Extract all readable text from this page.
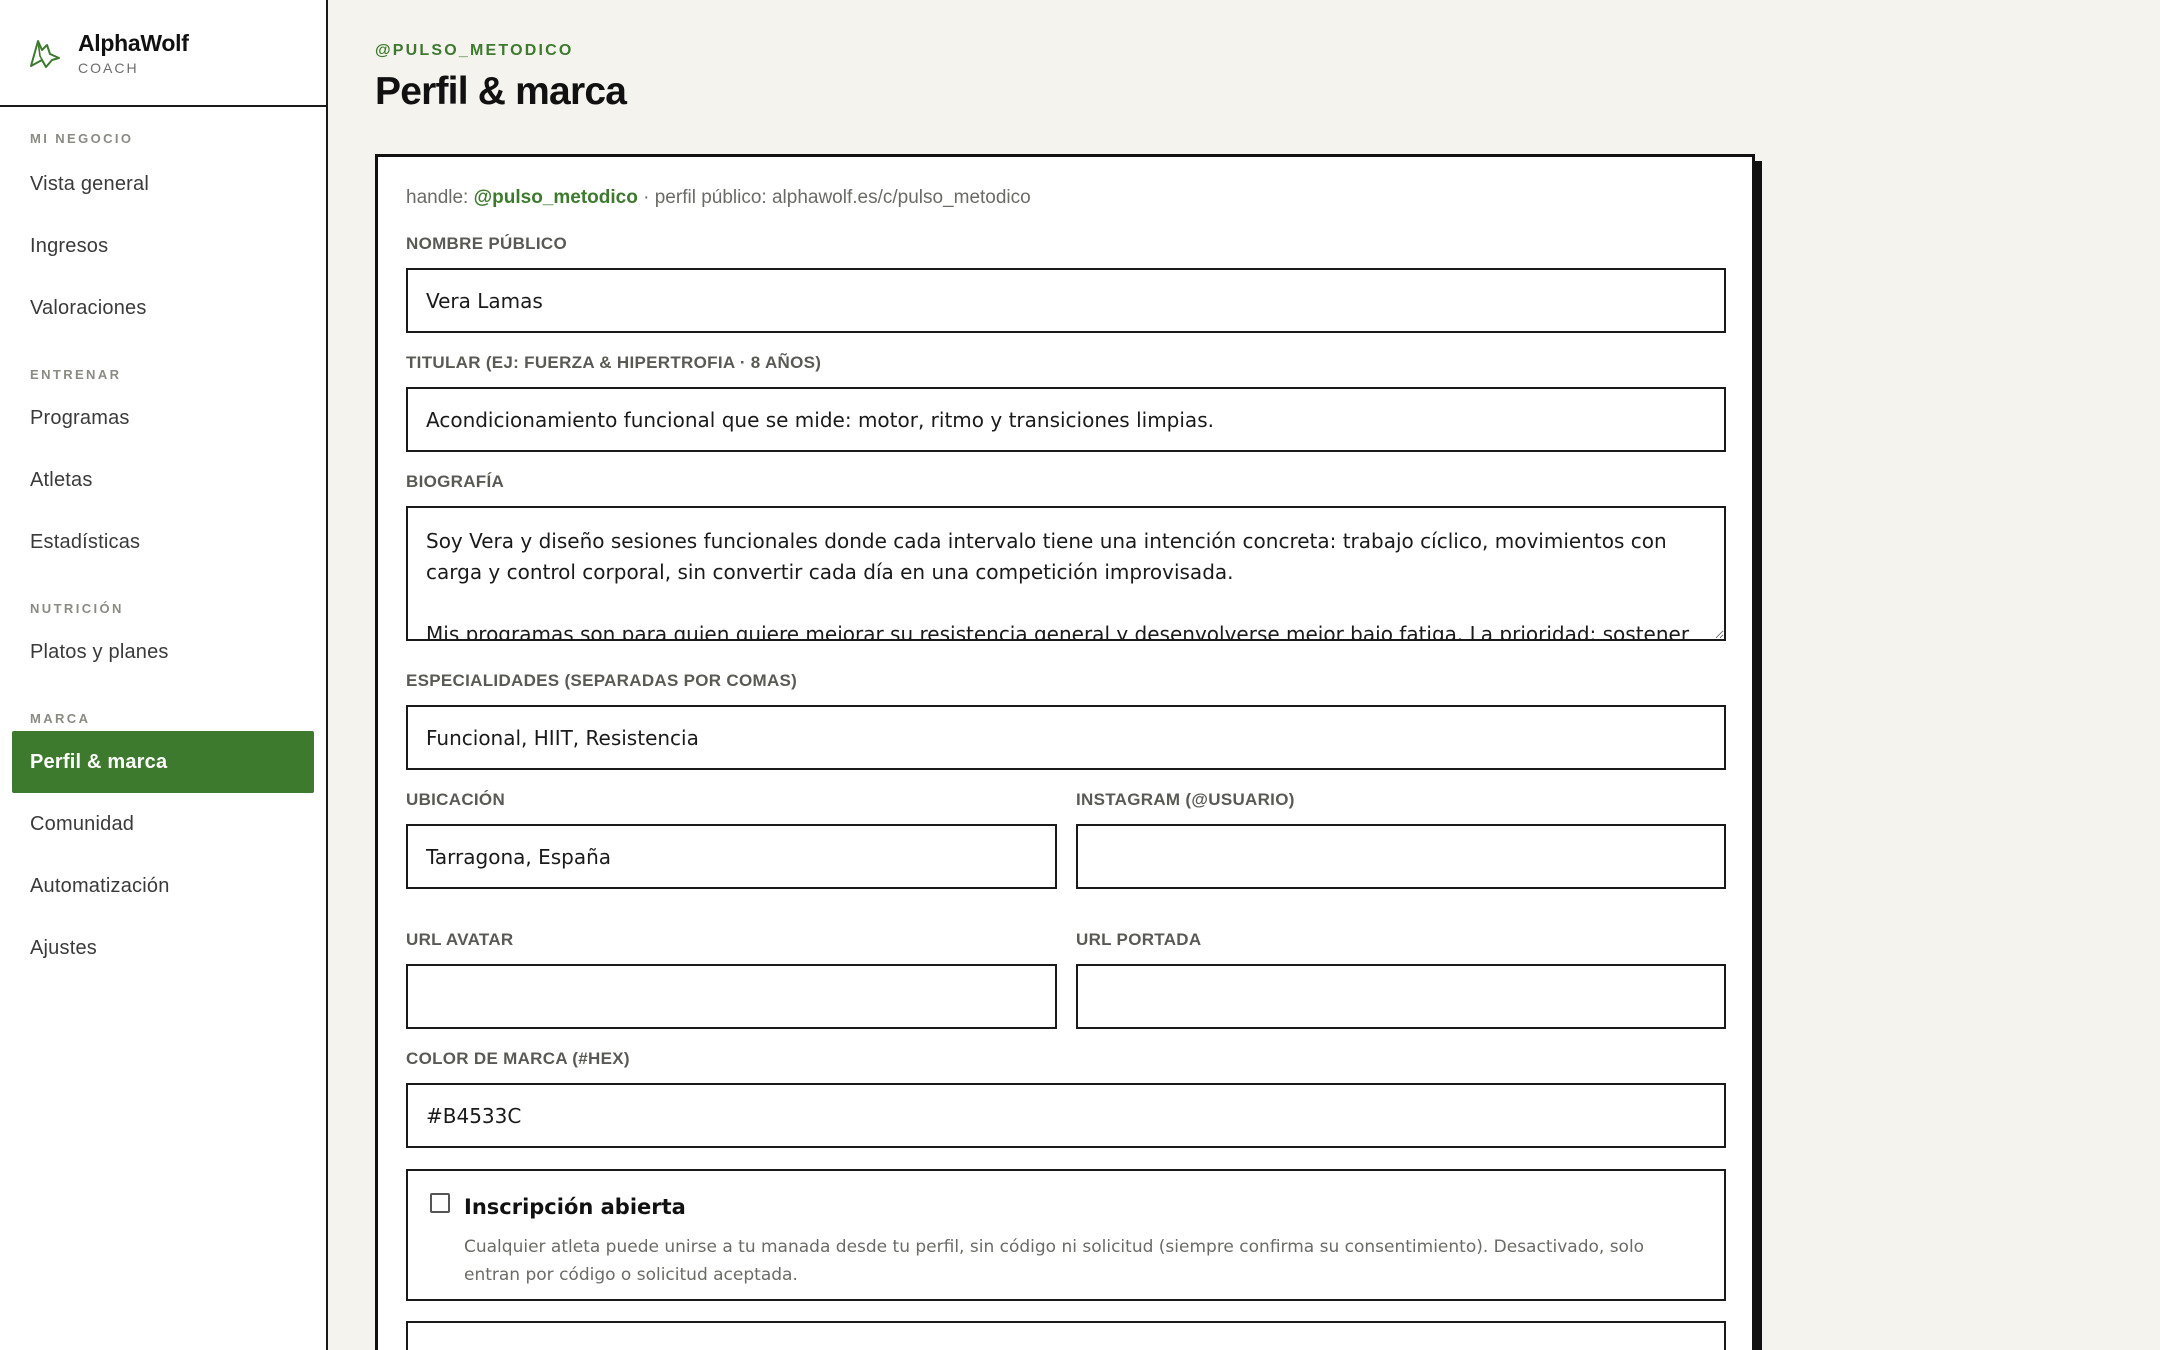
AlphaWolf
COACH
MI NEGOCIO
Vista general
Ingresos
Valoraciones
ENTRENAR
Programas
Atletas
Estadísticas
NUTRICIÓN
Platos y planes
MARCA
Perfil & marca
Comunidad
Automatización
Ajustes
@PULSO_METODICO
Perfil & marca
handle: @pulso_metodico · perfil público: alphawolf.es/c/pulso_metodico
NOMBRE PÚBLICO
Vera Lamas
TITULAR (EJ: FUERZA & HIPERTROFIA · 8 AÑOS)
Acondicionamiento funcional que se mide: motor, ritmo y transiciones limpias.
BIOGRAFÍA
Soy Vera y diseño sesiones funcionales donde cada intervalo tiene una intención concreta: trabajo cíclico, movimientos con carga y control corporal, sin convertir cada día en una competición improvisada. Mis programas son para quien quiere mejorar su resistencia general y desenvolverse mejor bajo fatiga. La prioridad: sostener una técnica
ESPECIALIDADES (SEPARADAS POR COMAS)
Funcional, HIIT, Resistencia
UBICACIÓN
Tarragona, España	INSTAGRAM (@USUARIO)
URL AVATAR	URL PORTADA
COLOR DE MARCA (#HEX)
#B4533C
Inscripción abierta
Cualquier atleta puede unirse a tu manada desde tu perfil, sin código ni solicitud (siempre confirma su consentimiento). Desactivado, solo entran por código o solicitud aceptada.
